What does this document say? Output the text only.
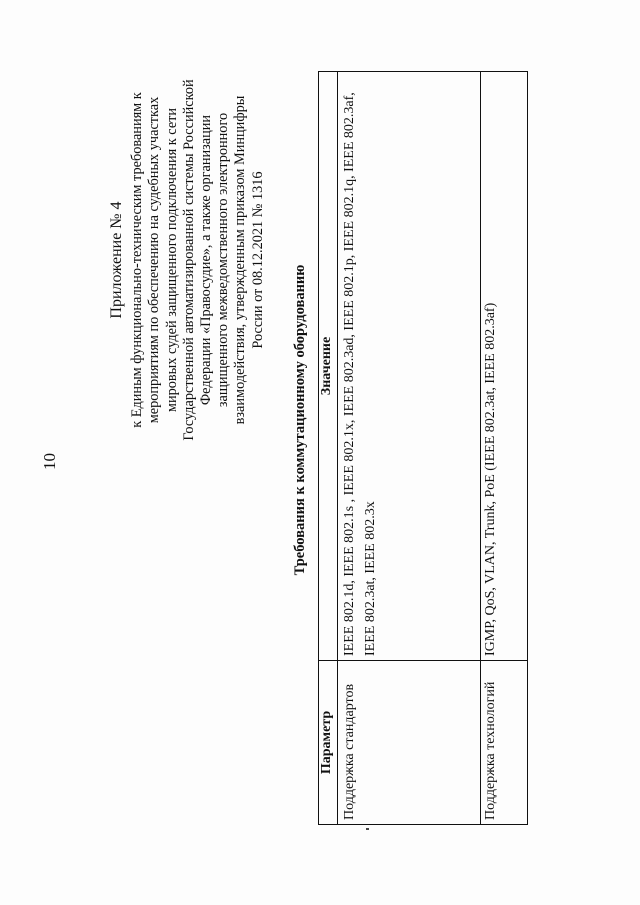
10
Приложение № 4 к Единым функционально-техническим требованиям к мероприятиям по обеспечению на судебных участках мировых судей защищенного подключения к сети Государственной автоматизированной системы Российской Федерации «Правосудие», а также организации защищенного межведомственного электронного взаимодействия, утвержденным приказом Минцифры России от 08.12.2021 № 1316
Требования к коммутационному оборудованию
Параметр	Значение
Поддержка стандартов	IEEE 802.1d, IEEE 802.1s , IEEE 802.1x, IEEE 802.3ad, IEEE 802.1p, IEEE 802.1q, IEEE 802.3af, IEEE 802.3at, IEEE 802.3x
Поддержка технологий	IGMP, QoS, VLAN, Trunk, PoE (IEEE 802.3at, IEEE 802.3af)
